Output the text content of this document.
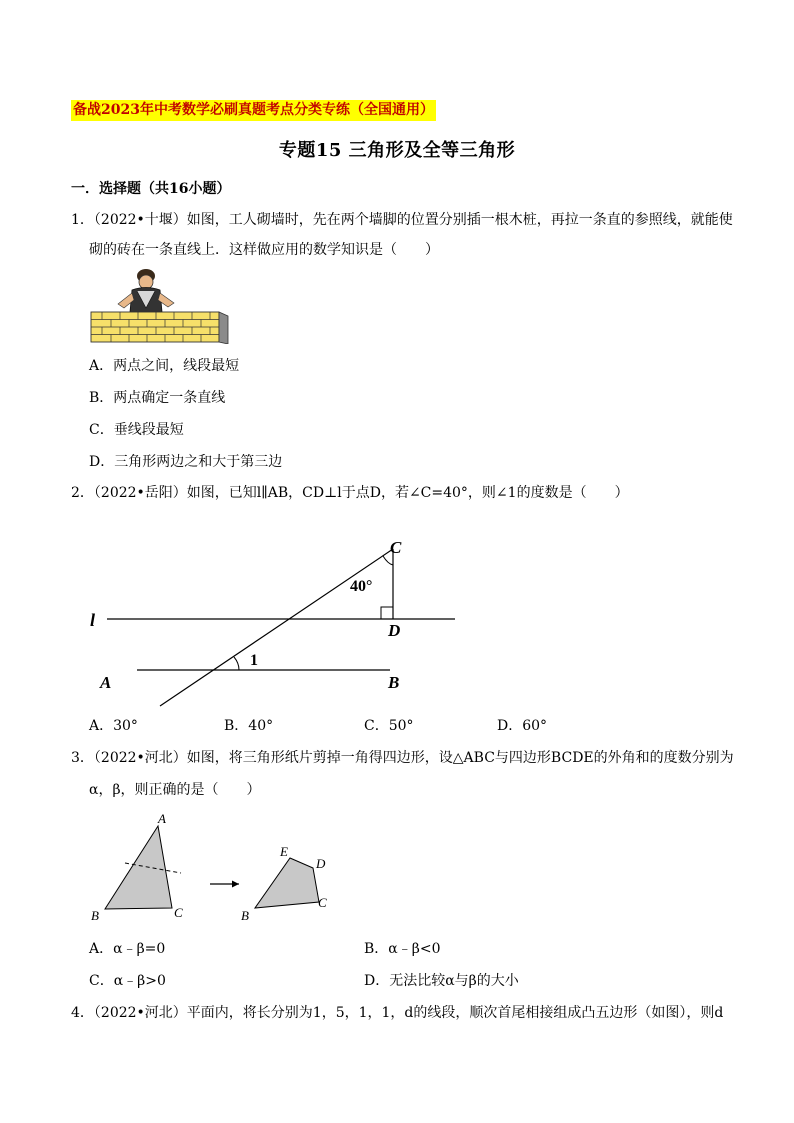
备战2023年中考数学必刷真题考点分类专练（全国通用）
专题15 三角形及全等三角形
一．选择题（共16小题）
1．（2022•十堰）如图，工人砌墙时，先在两个墙脚的位置分别插一根木桩，再拉一条直的参照线，就能使
砌的砖在一条直线上．这样做应用的数学知识是（　　）
A．两点之间，线段最短
B．两点确定一条直线
C．垂线段最短
D．三角形两边之和大于第三边
2．（2022•岳阳）如图，已知l∥AB，CD⊥l于点D，若∠C=40°，则∠1的度数是（　　）
C
40°
D
l
1
A	B
A．30°	B．40°	C．50°	D．60°
3．（2022•河北）如图，将三角形纸片剪掉一角得四边形，设△ABC与四边形BCDE的外角和的度数分别为
α，β，则正确的是（　　）
A
B	C
E
D
B
C
A．α﹣β=0	B．α﹣β<0
C．α﹣β>0	D．无法比较α与β的大小
4．（2022•河北）平面内，将长分别为1，5，1，1，d的线段，顺次首尾相接组成凸五边形（如图），则d
